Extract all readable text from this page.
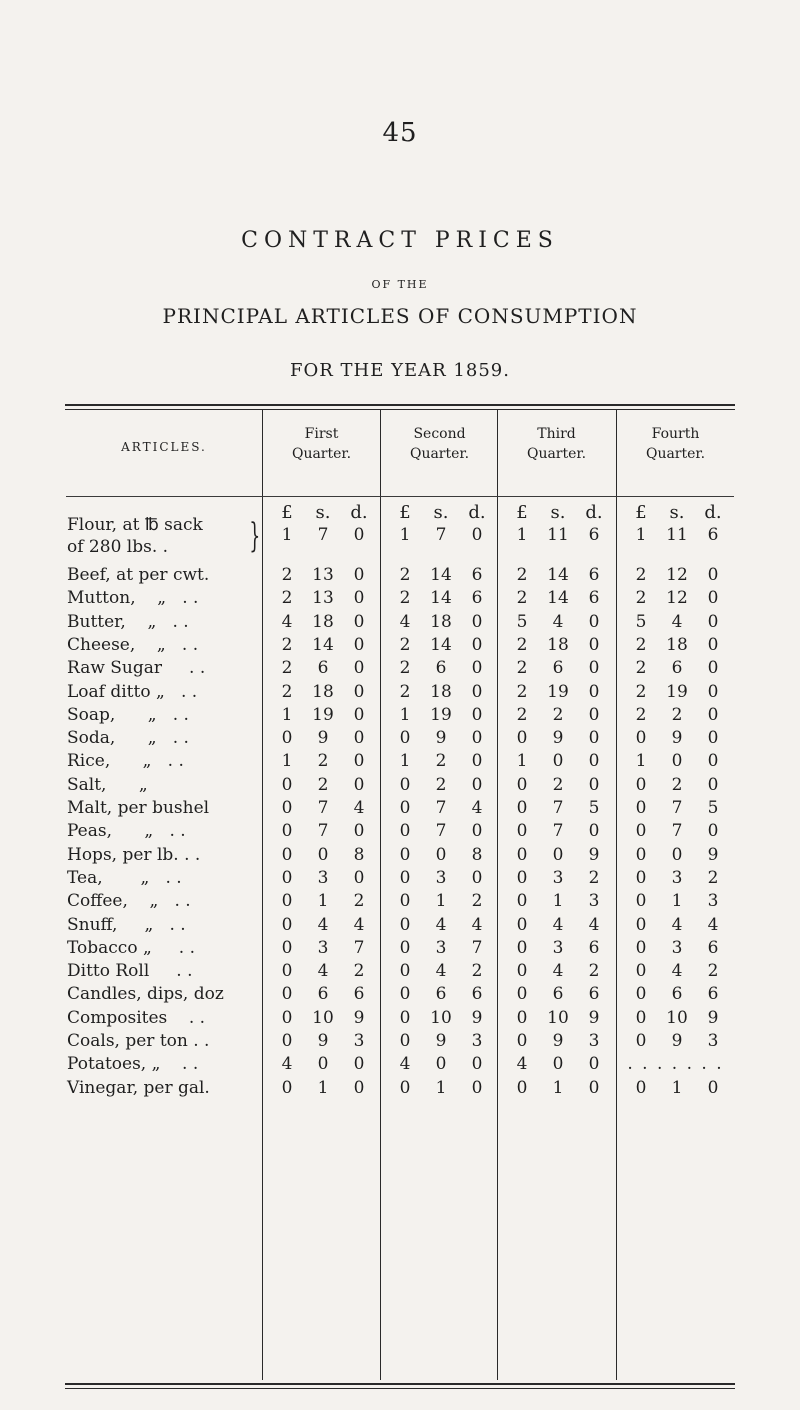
45
CONTRACT PRICES
OF THE
PRINCIPAL ARTICLES OF CONSUMPTION
FOR THE YEAR 1859.
ARTICLES.
First
Quarter.
Second
Quarter.
Third
Quarter.
Fourth
Quarter.
£	s.	d.	£	s.	d.	£	s.	d.	£	s.	d.
Flour, at ℔ sack
of 280 lbs. .	}	1	7	0	1	7	0	1	11	6	1	11	6
Beef, at per cwt.	2	13	0	2	14	6	2	14	6	2	12	0
Mutton,    „   . .	2	13	0	2	14	6	2	14	6	2	12	0
Butter,    „   . .	4	18	0	4	18	0	5	4	0	5	4	0
Cheese,    „   . .	2	14	0	2	14	0	2	18	0	2	18	0
Raw Sugar     . .	2	6	0	2	6	0	2	6	0	2	6	0
Loaf ditto „   . .	2	18	0	2	18	0	2	19	0	2	19	0
Soap,      „   . .	1	19	0	1	19	0	2	2	0	2	2	0
Soda,      „   . .	0	9	0	0	9	0	0	9	0	0	9	0
Rice,      „   . .	1	2	0	1	2	0	1	0	0	1	0	0
Salt,      „	0	2	0	0	2	0	0	2	0	0	2	0
Malt, per bushel	0	7	4	0	7	4	0	7	5	0	7	5
Peas,      „   . .	0	7	0	0	7	0	0	7	0	0	7	0
Hops, per lb. . .	0	0	8	0	0	8	0	0	9	0	0	9
Tea,       „   . .	0	3	0	0	3	0	0	3	2	0	3	2
Coffee,    „   . .	0	1	2	0	1	2	0	1	3	0	1	3
Snuff,     „   . .	0	4	4	0	4	4	0	4	4	0	4	4
Tobacco „     . .	0	3	7	0	3	7	0	3	6	0	3	6
Ditto Roll     . .	0	4	2	0	4	2	0	4	2	0	4	2
Candles, dips, doz	0	6	6	0	6	6	0	6	6	0	6	6
Composites    . .	0	10	9	0	10	9	0	10	9	0	10	9
Coals, per ton . .	0	9	3	0	9	3	0	9	3	0	9	3
Potatoes, „    . .	4	0	0	4	0	0	4	0	0	. . . . . . .
Vinegar, per gal.	0	1	0	0	1	0	0	1	0	0	1	0
